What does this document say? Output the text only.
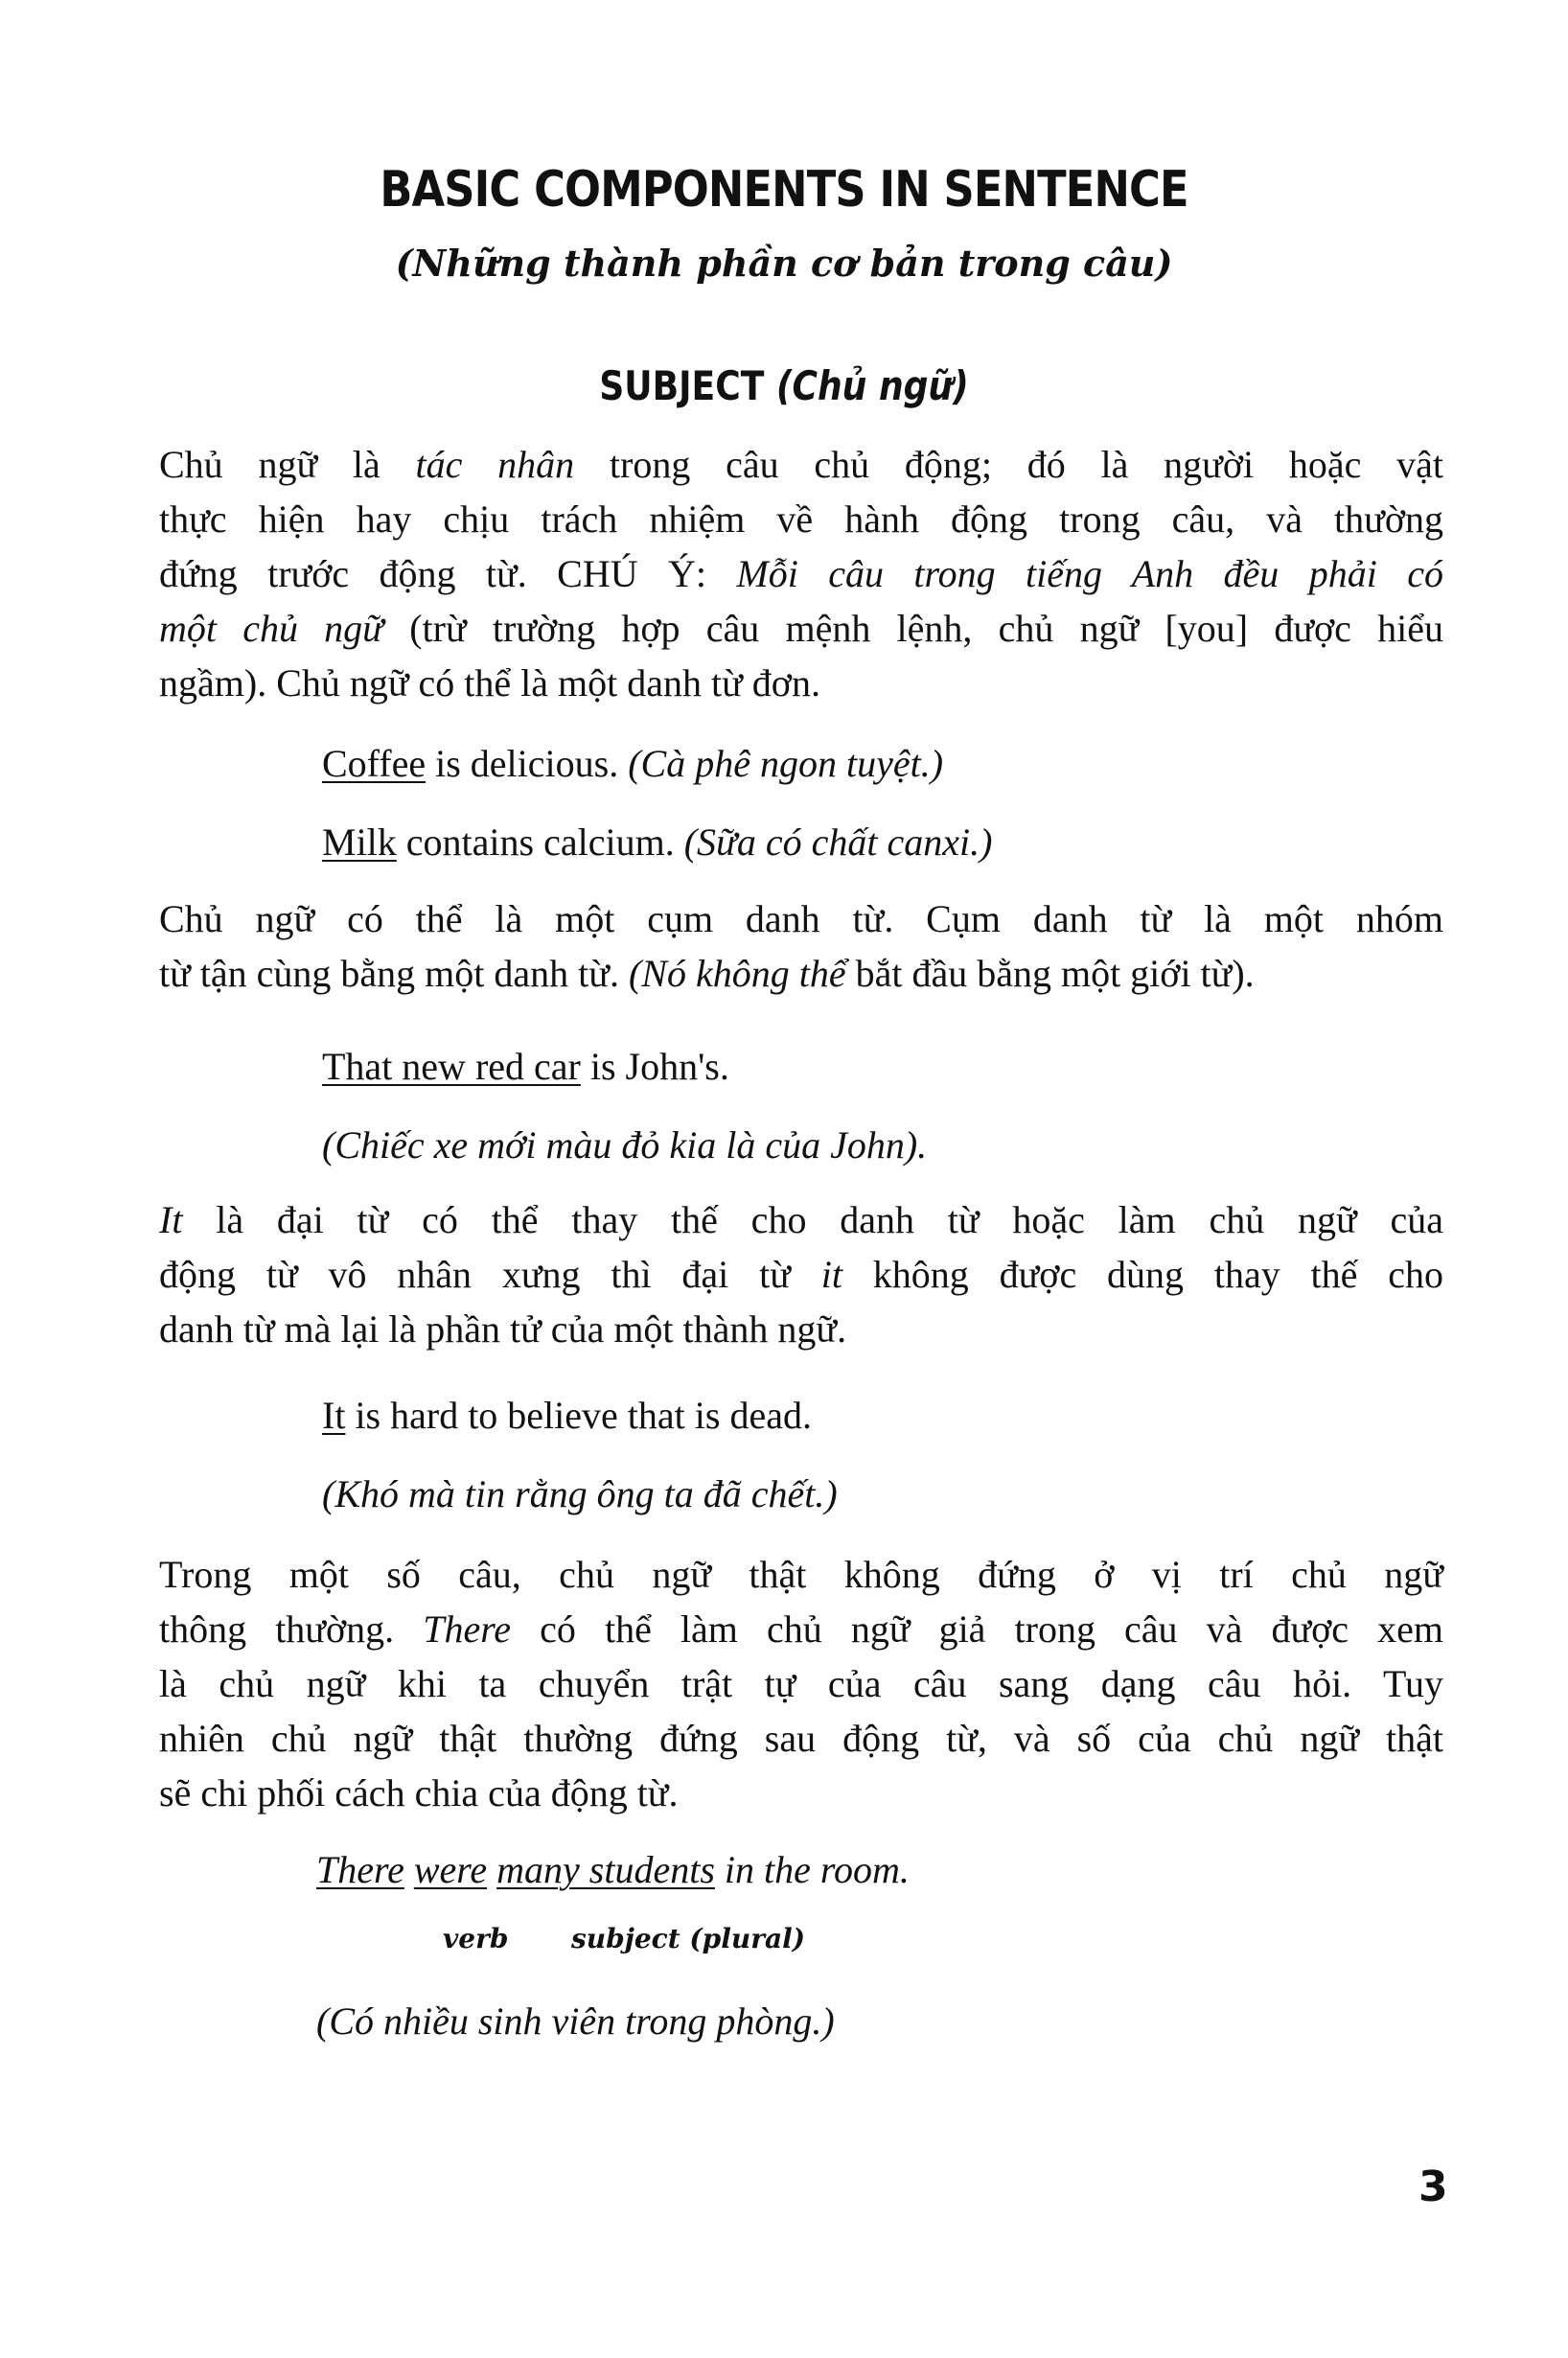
BASIC COMPONENTS IN SENTENCE
(Những thành phần cơ bản trong câu)
SUBJECT (Chủ ngữ)
Chủ ngữ là tác nhân trong câu chủ động; đó là người hoặc vật
thực hiện hay chịu trách nhiệm về hành động trong câu, và thường
đứng trước động từ. CHÚ Ý: Mỗi câu trong tiếng Anh đều phải có
một chủ ngữ (trừ trường hợp câu mệnh lệnh, chủ ngữ [you] được hiểu
ngầm). Chủ ngữ có thể là một danh từ đơn.
Coffee is delicious. (Cà phê ngon tuyệt.)
Milk contains calcium. (Sữa có chất canxi.)
Chủ ngữ có thể là một cụm danh từ. Cụm danh từ là một nhóm
từ tận cùng bằng một danh từ. (Nó không thể bắt đầu bằng một giới từ).
That new red car is John's.
(Chiếc xe mới màu đỏ kia là của John).
It là đại từ có thể thay thế cho danh từ hoặc làm chủ ngữ của
động từ vô nhân xưng thì đại từ it không được dùng thay thế cho
danh từ mà lại là phần tử của một thành ngữ.
It is hard to believe that is dead.
(Khó mà tin rằng ông ta đã chết.)
Trong một số câu, chủ ngữ thật không đứng ở vị trí chủ ngữ
thông thường. There có thể làm chủ ngữ giả trong câu và được xem
là chủ ngữ khi ta chuyển trật tự của câu sang dạng câu hỏi. Tuy
nhiên chủ ngữ thật thường đứng sau động từ, và số của chủ ngữ thật
sẽ chi phối cách chia của động từ.
There were many students in the room.
verb subject (plural)
(Có nhiều sinh viên trong phòng.)
3
